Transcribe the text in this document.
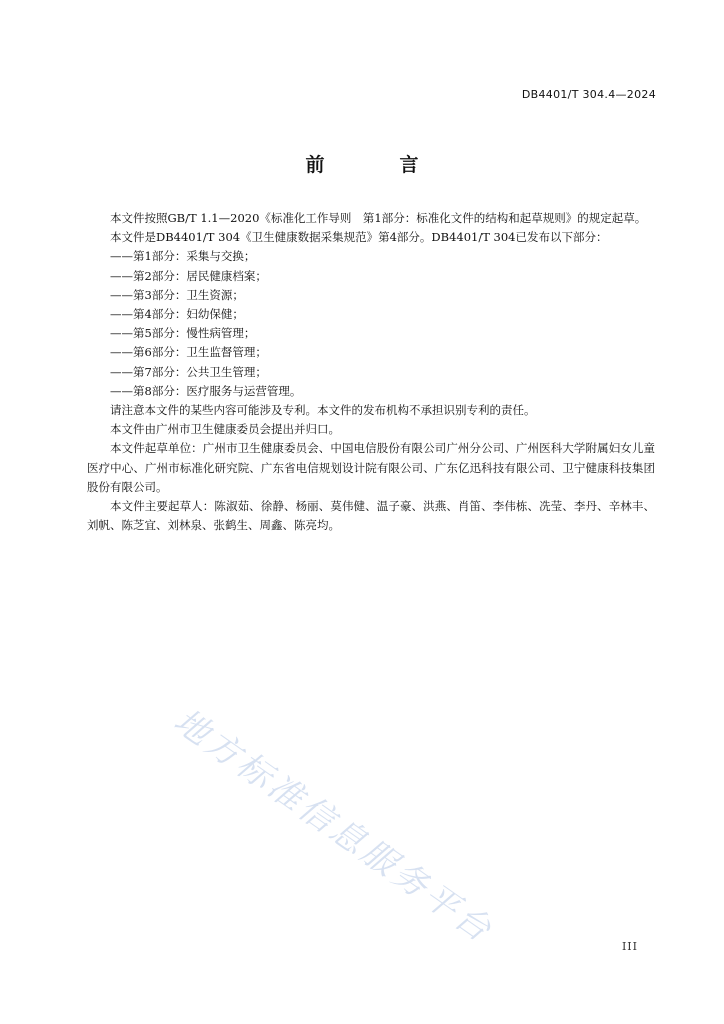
DB4401/T 304.4—2024
前　言

本文件按照GB/T 1.1—2020《标准化工作导则　第1部分：标准化文件的结构和起草规则》的规定起草。

本文件是DB4401/T 304《卫生健康数据采集规范》第4部分。DB4401/T 304已发布以下部分：

——第1部分：采集与交换；
——第2部分：居民健康档案；
——第3部分：卫生资源；
——第4部分：妇幼保健；
——第5部分：慢性病管理；
——第6部分：卫生监督管理；
——第7部分：公共卫生管理；
——第8部分：医疗服务与运营管理。

请注意本文件的某些内容可能涉及专利。本文件的发布机构不承担识别专利的责任。

本文件由广州市卫生健康委员会提出并归口。

本文件起草单位：广州市卫生健康委员会、中国电信股份有限公司广州分公司、广州医科大学附属妇女儿童医疗中心、广州市标准化研究院、广东省电信规划设计院有限公司、广东亿迅科技有限公司、卫宁健康科技集团股份有限公司。

本文件主要起草人：陈淑茹、徐静、杨丽、莫伟健、温子豪、洪燕、肖笛、李伟栋、冼莹、李丹、辛林丰、刘帆、陈芝宜、刘林泉、张鹤生、周鑫、陈亮均。

地方标准信息服务平台	III
